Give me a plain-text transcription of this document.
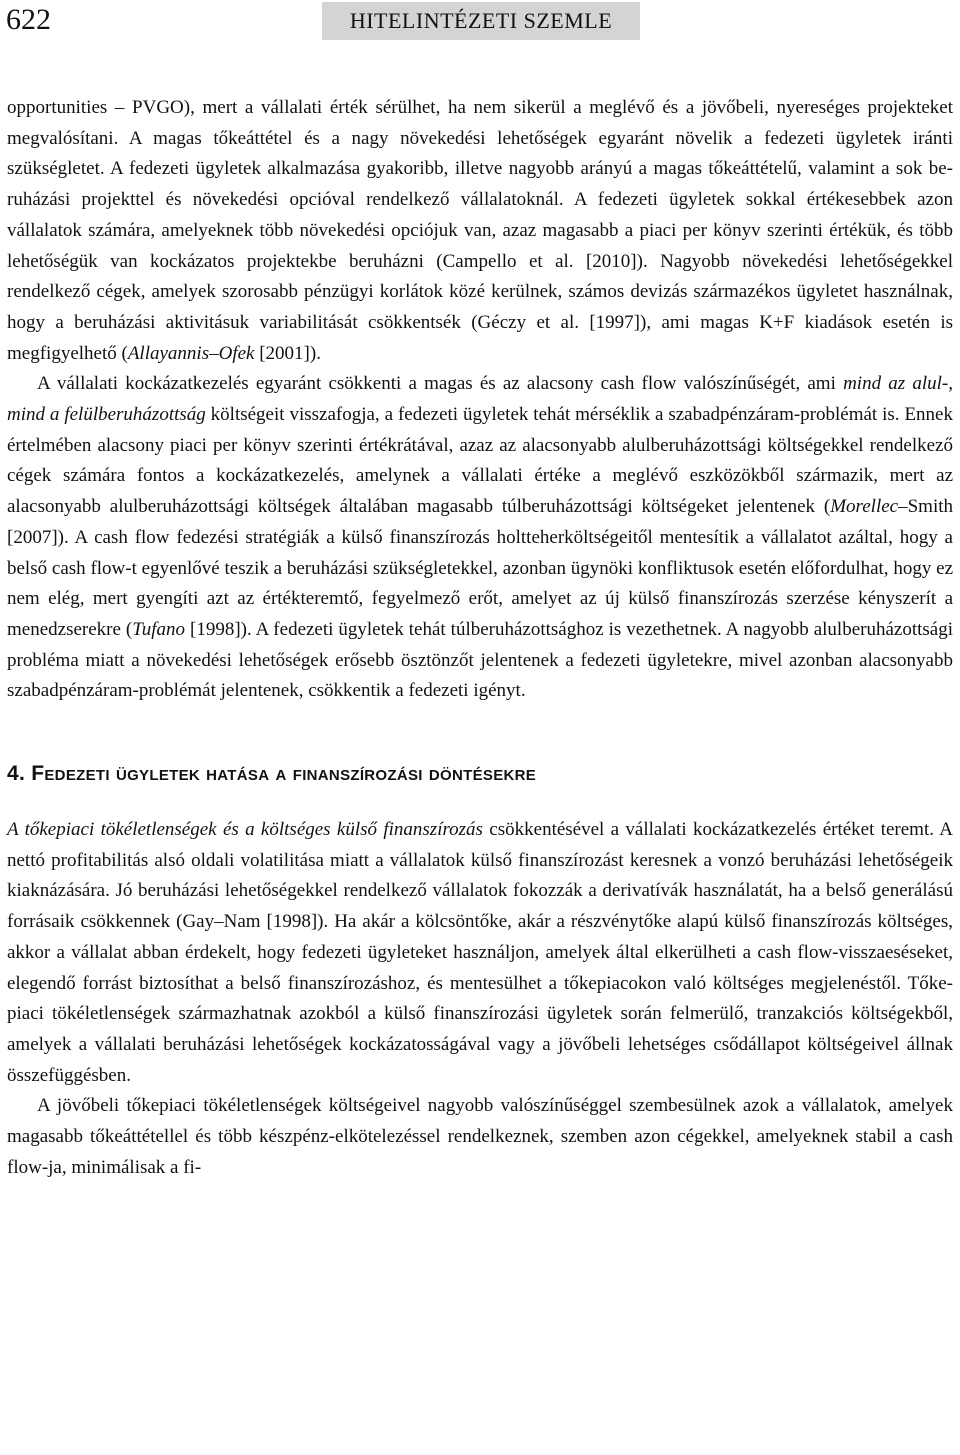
622	HITELINTÉZETI SZEMLE

opportunities – PVGO), mert a vállalati érték sérülhet, ha nem sikerül a meglévő és a jövőbeli, nyereséges projekteket megvalósítani. A magas tőkeáttétel és a nagy növekedési lehetőségek egyaránt növelik a fedezeti ügyletek iránti szükségletet. A fedezeti ügyletek alkalmazása gyakoribb, illetve nagyobb arányú a magas tőkeáttételű, valamint a sok beruházási projekttel és növekedési opcióval rendelkező vállalatoknál. A fedezeti ügyletek sokkal értékesebbek azon vállalatok számára, amelyeknek több növekedési opciójuk van, azaz magasabb a piaci per könyv szerinti értékük, és több lehetőségük van kockázatos projektekbe beruházni (Campello et al. [2010]). Nagyobb növekedési lehetőségekkel rendelkező cégek, amelyek szorosabb pénzügyi korlátok közé kerülnek, számos devizás származékos ügyletet használnak, hogy a beruházási aktivitásuk variabilitását csökkentsék (Géczy et al. [1997]), ami magas K+F kiadások esetén is megfigyelhető (Allayannis–Ofek [2001]).

A vállalati kockázatkezelés egyaránt csökkenti a magas és az alacsony cash flow valószínűségét, ami mind az alul-, mind a felülberuházottság költségeit visszafogja, a fedezeti ügyletek tehát mérséklik a szabadpénzáram-problémát is. Ennek értelmében alacsony piaci per könyv szerinti értékrátával, azaz az alacsonyabb alulberuházottsági költségekkel rendelkező cégek számára fontos a kockázatkezelés, amelynek a vállalati értéke a meglévő eszközökből származik, mert az alacsonyabb alulberuházottsági költségek általában magasabb túlberuházottsági költségeket jelentenek (Morellec–Smith [2007]). A cash flow fedezési stratégiák a külső finanszírozás holtteherköltségeitől mentesítik a vállalatot azáltal, hogy a belső cash flow-t egyenlővé teszik a beruházási szükségletekkel, azonban ügynöki konfliktusok esetén előfordulhat, hogy ez nem elég, mert gyengíti azt az értékteremtő, fegyelmező erőt, amelyet az új külső finanszírozás szerzése kényszerít a menedzserekre (Tufano [1998]). A fedezeti ügyletek tehát túlberuházottsághoz is vezethetnek. A nagyobb alulberuházottsági probléma miatt a növekedési lehetőségek erősebb ösztönzőt jelentenek a fedezeti ügyletekre, mivel azonban alacsonyabb szabadpénzáram-problémát jelentenek, csökkentik a fedezeti igényt.

4. Fedezeti ügyletek hatása a finanszírozási döntésekre

A tőkepiaci tökéletlenségek és a költséges külső finanszírozás csökkentésével a vállalati kockázatkezelés értéket teremt. A nettó profitabilitás alsó oldali volatilitása miatt a vállalatok külső finanszírozást keresnek a vonzó beruházási lehetőségeik kiaknázására. Jó beruházási lehetőségekkel rendelkező vállalatok fokozzák a derivatívák használatát, ha a belső generálású forrásaik csökkennek (Gay–Nam [1998]). Ha akár a kölcsöntőke, akár a részvénytőke alapú külső finanszírozás költséges, akkor a vállalat abban érdekelt, hogy fedezeti ügyleteket használjon, amelyek által elkerülheti a cash flow-visszaeséseket, elegendő forrást biztosíthat a belső finanszírozáshoz, és mentesülhet a tőkepiacokon való költséges megjelenéstől. Tőkepiaci tökéletlenségek származhatnak azokból a külső finanszírozási ügyletek során felmerülő, tranzakciós költségekből, amelyek a vállalati beruházási lehetőségek kockázatosságával vagy a jövőbeli lehetséges csődállapot költségeivel állnak összefüggésben.

A jövőbeli tőkepiaci tökéletlenségek költségeivel nagyobb valószínűséggel szembesülnek azok a vállalatok, amelyek magasabb tőkeáttétellel és több készpénz-elkötelezéssel rendelkeznek, szemben azon cégekkel, amelyeknek stabil a cash flow-ja, minimálisak a fi-
